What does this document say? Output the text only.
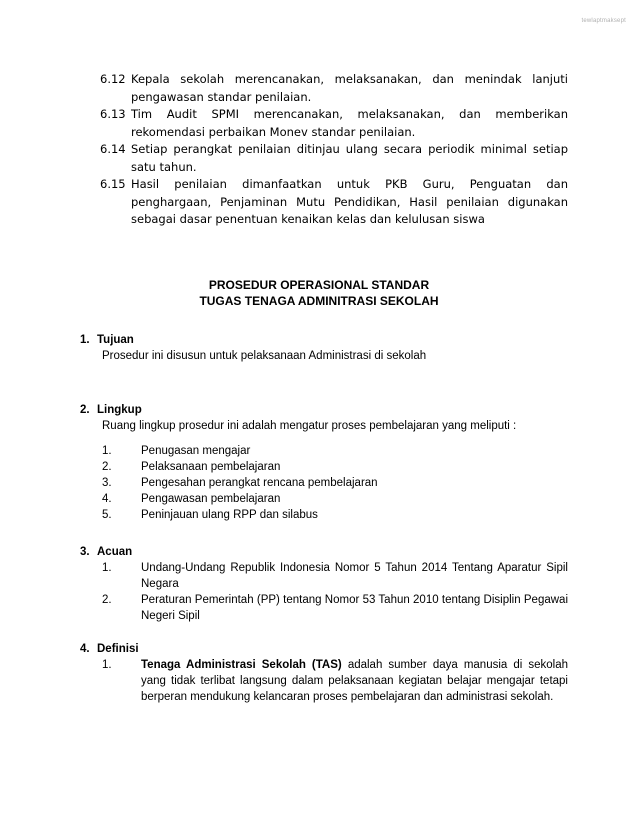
tewlaptmaksept
6.12 Kepala sekolah merencanakan, melaksanakan, dan menindak lanjuti pengawasan standar penilaian.
6.13 Tim Audit SPMI merencanakan, melaksanakan, dan memberikan rekomendasi perbaikan Monev standar penilaian.
6.14 Setiap perangkat penilaian ditinjau ulang secara periodik minimal setiap satu tahun.
6.15 Hasil penilaian dimanfaatkan untuk PKB Guru, Penguatan dan penghargaan, Penjaminan Mutu Pendidikan, Hasil penilaian digunakan sebagai dasar penentuan kenaikan kelas dan kelulusan siswa
PROSEDUR OPERASIONAL STANDAR
TUGAS TENAGA ADMINITRASI SEKOLAH
1. Tujuan
Prosedur ini disusun untuk pelaksanaan Administrasi di sekolah
2. Lingkup
Ruang lingkup prosedur ini adalah mengatur proses pembelajaran yang meliputi :
1.	Penugasan mengajar
2.	Pelaksanaan pembelajaran
3.	Pengesahan perangkat rencana pembelajaran
4.	Pengawasan pembelajaran
5.	Peninjauan ulang RPP dan silabus
3. Acuan
1.	Undang-Undang Republik Indonesia Nomor 5 Tahun 2014 Tentang Aparatur Sipil Negara
2.	Peraturan Pemerintah (PP) tentang Nomor 53 Tahun 2010 tentang Disiplin Pegawai Negeri Sipil
4. Definisi
1.	Tenaga Administrasi Sekolah (TAS) adalah sumber daya manusia di sekolah yang tidak terlibat langsung dalam pelaksanaan kegiatan belajar mengajar tetapi berperan mendukung kelancaran proses pembelajaran dan administrasi sekolah.
